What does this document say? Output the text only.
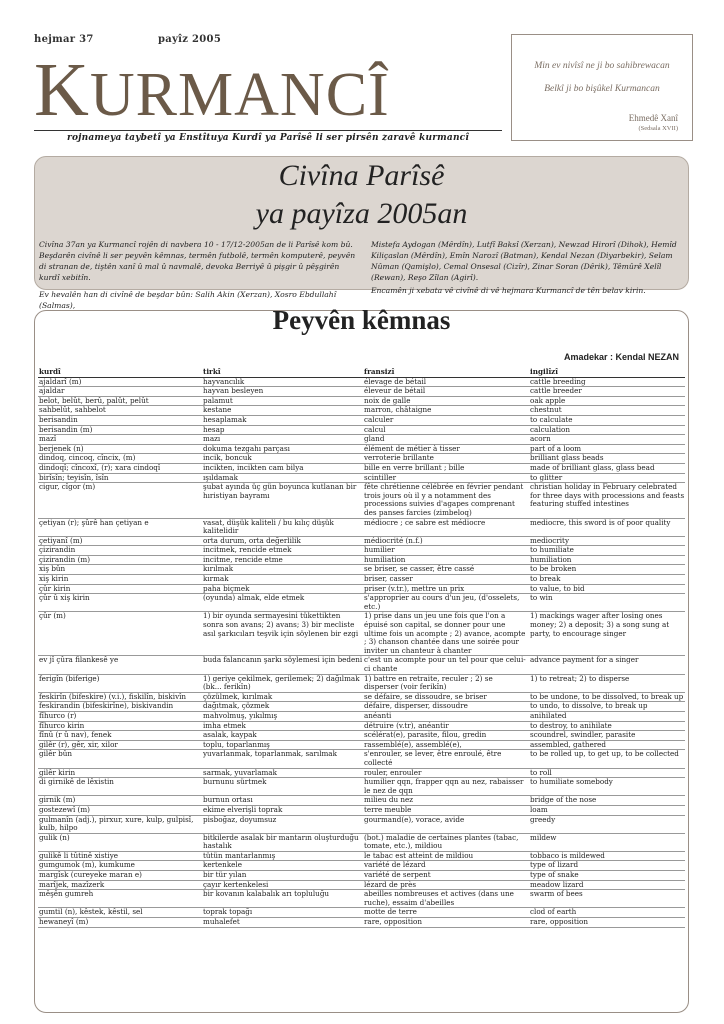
hejmar 37	payîz 2005
KURMANCÎ
rojnameya taybetî ya Enstîtuya Kurdî ya Parîsê li ser pirsên zaravê kurmancî
Min ev nivîsî ne ji bo sahibrewacan
Belkî ji bo bişûkel Kurmancan
Ehmedê Xanî
(Sedsala XVII)
Civîna Parîsê
ya payîza 2005an
Civîna 37an ya Kurmancî rojên di navbera 10 - 17/12-2005an de li Parîsê kom bû. Beşdarên civînê li ser peyvên kêmnas, termên futbolê, termên komputerê, peyvên di stranan de, tiştên xanî û mal û navmalê, devoka Berriyê û pişgir û pêşgirên kurdî xebitîn.
Ev hevalên han di civînê de beşdar bûn: Salih Akin (Xerzan), Xosro Ebdullahî (Salmas),
Mistefa Aydogan (Mêrdîn), Lutfî Baksî (Xerzan), Newzad Hirorî (Dihok), Hemîd Kiliçaslan (Mêrdîn), Emîn Narozî (Batman), Kendal Nezan (Diyarbekir), Selam Nûman (Qamişlo), Cemal Onsesal (Cizîr), Zinar Soran (Dêrik), Têmûrê Xelîl (Rewan), Reşo Zîlan (Agirî).
Encamên ji xebata vê civînê di vê hejmara Kurmancî de tên belav kirin.
Peyvên kêmnas
Amadekar : Kendal NEZAN
kurdî	tirkî	fransizî	ingilîzî
ajaldarî (m)	hayvancılık	élevage de bétail	cattle breeding
ajaldar	hayvan besleyen	éleveur de bétail	cattle breeder
belot, belût, berû, palût, pelût	palamut	noix de galle	oak apple
sahbelût, sahbelot	kestane	marron, châtaigne	chestnut
berisandin	hesaplamak	calculer	to calculate
berisandin (m)	hesap	calcul	calculation
mazî	mazı	gland	acorn
berjenek (n)	dokuma tezgahı parçası	élément de métier à tisser	part of a loom
dindoq, cincoq, cîncix, (m)	incik, boncuk	verroterie brillante	brilliant glass beads
dindoqî; cîncoxî, (r); xara cindoqî	incikten, incikten cam bilya	bille en verre brillant ; bille	made of brilliant glass, glass bead
birîsîn; teyisîn, îsîn	ışıldamak	scintiller	to glitter
cigur, cîgor (m)	şubat ayında üç gün boyunca kutlanan bir hıristiyan bayramı	fête chrétienne célébrée en février pendant trois jours où il y a notamment des processions suivies d'agapes comprenant des panses farcies (zimbeloq)	christian holiday in February celebrated for three days with processions and feasts featuring stuffed intestines
çetiyan (r); şûrê han çetiyan e	vasat, düşük kaliteli / bu kılıç düşük kalitelidir	médiocre ; ce sabre est médiocre	mediocre, this sword is of poor quality
çetiyanî (m)	orta durum, orta değerlilik	médiocrité (n.f.)	mediocrity
çizirandin	incitmek, rencide etmek	humilier	to humiliate
çizirandin (m)	incitme, rencide etme	humiliation	humiliation
xiş bûn	kırılmak	se briser, se casser, être cassé	to be broken
xiş kirin	kırmak	briser, casser	to break
çûr kirin	paha biçmek	priser (v.tr.), mettre un prix	to value, to bid
çûr û xiş kirin	(oyunda) almak, elde etmek	s'approprier au cours d'un jeu, (d'osselets, etc.)	to win
çûr (m)	1) bir oyunda sermayesini tükettikten sonra son avans; 2) avans; 3) bir mecliste asıl şarkıcıları teşvik için söylenen bir ezgi	1) prise dans un jeu une fois que l'on a épuisé son capital, se donner pour une ultime fois un acompte ; 2) avance, acompte ; 3) chanson chantée dans une soirée pour inviter un chanteur à chanter	1) mackings wager after losing ones money; 2) a deposit; 3) a song sung at party, to encourage singer
ev jî çûra filankesê ye	buda falancanın şarkı söylemesi için bedeni	c'est un acompte pour un tel pour que celui-ci chante	advance payment for a singer
ferigîn (biferige)	1) geriye çekilmek, gerilemek; 2) dağılmak (bk... ferikîn)	1) battre en retraite, reculer ; 2) se disperser (voir ferikîn)	1) to retreat; 2) to disperse
feskirîn (bifeskire) (v.i.), fiskilîn, biskivîn	çözülmek, kırılmak	se défaire, se dissoudre, se briser	to be undone, to be dissolved, to break up
feskirandin (bifeskirîne), biskivandin	dağıtmak, çözmek	défaire, disperser, dissoudre	to undo, to dissolve, to break up
fîhurco (r)	mahvolmuş, yıkılmış	anéanti	anihilated
fîhurco kirin	imha etmek	détruire (v.tr), anéantir	to destroy, to anihilate
fînû (r û nav), fenek	asalak, kaypak	scélérat(e), parasite, filou, gredin	scoundrel, swindler, parasite
gilêr (r), gêr, xir, xilor	toplu, toparlanmış	rassemblé(e), assemblé(e),	assembled, gathered
gilêr bûn	yuvarlanmak, toparlanmak, sarılmak	s'enrouler, se lever, être enroulé, être collecté	to be rolled up, to get up, to be collected
gilêr kirin	sarmak, yuvarlamak	rouler, enrouler	to roll
di girnikê de lêxistin	burnunu sürtmek	humilier qqn, frapper qqn au nez, rabaisser le nez de qqn	to humiliate somebody
girnik (m)	burnun ortası	milieu du nez	bridge of the nose
gostezewî (m)	ekime elverişli toprak	terre meuble	loam
gulmanîn (adj.), pirxur, xure, kulp, gulpisî, kulb, hilpo	pisboğaz, doyumsuz	gourmand(e), vorace, avide	greedy
gulik (n)	bitkilerde asalak bir mantarın oluşturduğu hastalık	(bot.) maladie de certaines plantes (tabac, tomate, etc.), mildiou	mildew
gulikê li tûtinê xistiye	tütün mantarlanmış	le tabac est atteint de mildiou	tobbaco is mildewed
gumgumok (m), kumkume	kertenkele	variété de lézard	type of lizard
margîsk (cureyeke maran e)	bir tür yılan	variété de serpent	type of snake
marîjek, mazîzerk	çayır kertenkelesi	lézard de près	meadow lizard
mêşên gumreh	bir kovanın kalabalık arı topluluğu	abeilles nombreuses et actives (dans une ruche), essaim d'abeilles	swarm of bees
gumtil (n), kêstek, kêstil, sel	toprak topağı	motte de terre	clod of earth
hewaneyî (m)	muhalefet	rare, opposition	rare, opposition
